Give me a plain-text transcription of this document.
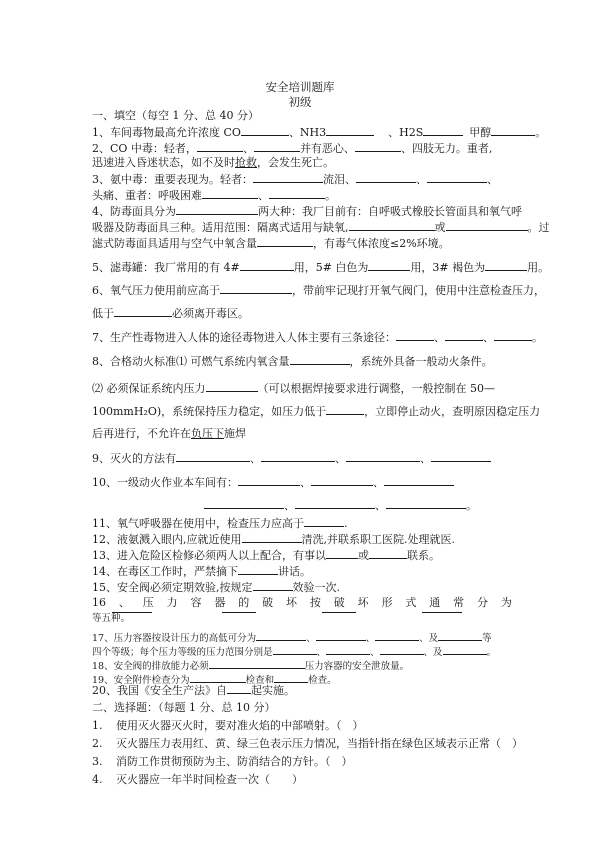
安全培训题库
初级
一、填空（每空 1 分、总 40 分）
1、车间毒物最高允许浓度 CO	、NH3	、H2S	甲醇	。
2、CO 中毒：轻者，	、	并有恶心、	、四肢无力。重者,
迅速进入昏迷状态，如不及时抢救，会发生死亡。
3、氨中毒：重要表现为。轻者：	流泪、	、	、
头痛、重者：呼吸困难	、	。
4、防毒面具分为	两大种：我厂目前有：自呼吸式橡胶长管面具和氧气呼
吸器及防毒面具三种。适用范围：隔离式适用与缺氧,	或	。过
滤式防毒面具适用与空气中氧含量	，有毒气体浓度≤2%环境。
5、滤毒罐：我厂常用的有 4#	用，5# 白色为	用，3# 褐色为	用。
6、氧气压力使用前应高于	，带前牢记现打开氧气阀门，使用中注意检查压力，
低于	必须离开毒区。
7、生产性毒物进入人体的途径毒物进入人体主要有三条途径：	、	、	。
8、合格动火标准⑴ 可燃气系统内氧含量	，系统外具备一般动火条件。
⑵ 必须保证系统内压力	（可以根据焊接要求进行调整，一般控制在 50—
100mmH₂O)，系统保持压力稳定，如压力低于	，立即停止动火，查明原因稳定压力
后再进行，不允许在负压下施焊
9、灭火的方法有	、	、	、
10、一级动火作业本车间有：	、	、
、	、	。
11、氧气呼吸器在使用中，检查压力应高于	.
12、液氨溅入眼内,应就近使用	清洗,并联系职工医院.处理就医.
13、进入危险区检修必须两人以上配合，有事以	或	联系。
14、在毒区工作时，严禁摘下	讲话。
15、安全阀必须定期效验,按规定	效验一次.
16 、 压 力 容 器 的 破 坏 按 破 坏 形 式 通 常 分 为
等五种。
17、压力容器按设计压力的高低可分为	、	、	、及	等
四个等级；每个压力等级的压力范围分别是	、	、	、及	。
18、安全阀的排放能力必须	压力容器的安全泄放量。
19、安全附件检查分为	检查和	检查。
20、我国《安全生产法》自 起实施。
二、选择题：（每题 1 分、总 10 分）
1. 使用灭火器灭火时，要对准火焰的中部喷射。（　）
2. 灭火器压力表用红、黄、绿三色表示压力情况，当指针指在绿色区域表示正常（　）
3. 消防工作贯彻预防为主、防消结合的方针。（　）
4. 灭火器应一年半时间检查一次（　　）
